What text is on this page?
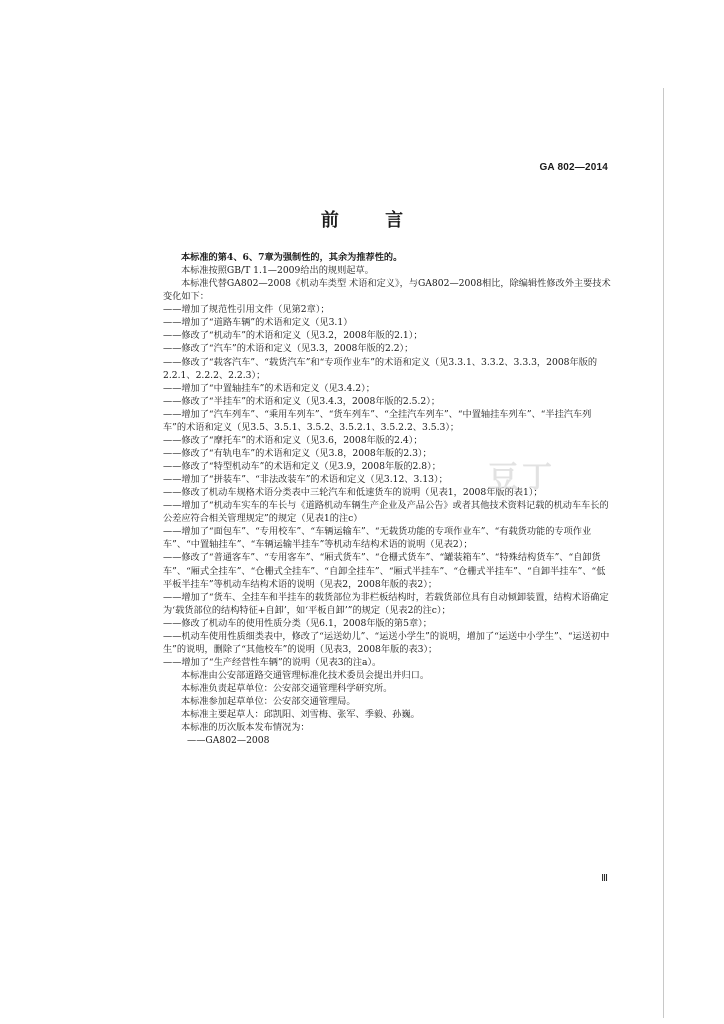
GA 802—2014
前 言

本标准的第4、6、7章为强制性的，其余为推荐性的。

本标准按照GB/T 1.1—2009给出的规则起草。

本标准代替GA802—2008《机动车类型 术语和定义》，与GA802—2008相比，除编辑性修改外主要技术变化如下：

——增加了规范性引用文件（见第2章）；

——增加了“道路车辆”的术语和定义（见3.1）

——修改了“机动车”的术语和定义（见3.2，2008年版的2.1）；

——修改了“汽车”的术语和定义（见3.3，2008年版的2.2）；

——修改了“载客汽车”、“载货汽车”和“专项作业车”的术语和定义（见3.3.1、3.3.2、3.3.3，2008年版的2.2.1、2.2.2、2.2.3）；

——增加了“中置轴挂车”的术语和定义（见3.4.2）；

——修改了“半挂车”的术语和定义（见3.4.3，2008年版的2.5.2）；

——增加了“汽车列车”、“乘用车列车”、“货车列车”、“全挂汽车列车”、“中置轴挂车列车”、“半挂汽车列车”的术语和定义（见3.5、3.5.1、3.5.2、3.5.2.1、3.5.2.2、3.5.3）；

——修改了“摩托车”的术语和定义（见3.6，2008年版的2.4）；

——修改了“有轨电车”的术语和定义（见3.8，2008年版的2.3）；

——修改了“特型机动车”的术语和定义（见3.9，2008年版的2.8）；

——增加了“拼装车”、“非法改装车”的术语和定义（见3.12、3.13）；

——修改了机动车规格术语分类表中三轮汽车和低速货车的说明（见表1，2008年版的表1）；

——增加了“机动车实车的车长与《道路机动车辆生产企业及产品公告》或者其他技术资料记载的机动车车长的公差应符合相关管理规定”的规定（见表1的注c）

——增加了“面包车”、“专用校车”、“车辆运输车”、“无载货功能的专项作业车”、“有载货功能的专项作业车”、“中置轴挂车”、“车辆运输半挂车”等机动车结构术语的说明（见表2）；

——修改了“普通客车”、“专用客车”、“厢式货车”、“仓栅式货车”、“罐装箱车”、“特殊结构货车”、“自卸货车”、“厢式全挂车”、“仓栅式全挂车”、“自卸全挂车”、“厢式半挂车”、“仓栅式半挂车”、“自卸半挂车”、“低平板半挂车”等机动车结构术语的说明（见表2，2008年版的表2）；

——增加了“货车、全挂车和半挂车的载货部位为非栏板结构时，若载货部位具有自动倾卸装置，结构术语确定为‘载货部位的结构特征+自卸’，如‘平板自卸’”的规定（见表2的注c）；

——修改了机动车的使用性质分类（见6.1，2008年版的第5章）；

——机动车使用性质细类表中，修改了“运送幼儿”、“运送小学生”的说明，增加了“运送中小学生”、“运送初中生”的说明，删除了“其他校车”的说明（见表3，2008年版的表3）；

——增加了“生产经营性车辆”的说明（见表3的注a）。

本标准由公安部道路交通管理标准化技术委员会提出并归口。

本标准负责起草单位：公安部交通管理科学研究所。

本标准参加起草单位：公安部交通管理局。

本标准主要起草人：邱凯阳、刘雪梅、张军、季毅、孙巍。

本标准的历次版本发布情况为：

——GA802—2008

豆丁
Ⅲ
